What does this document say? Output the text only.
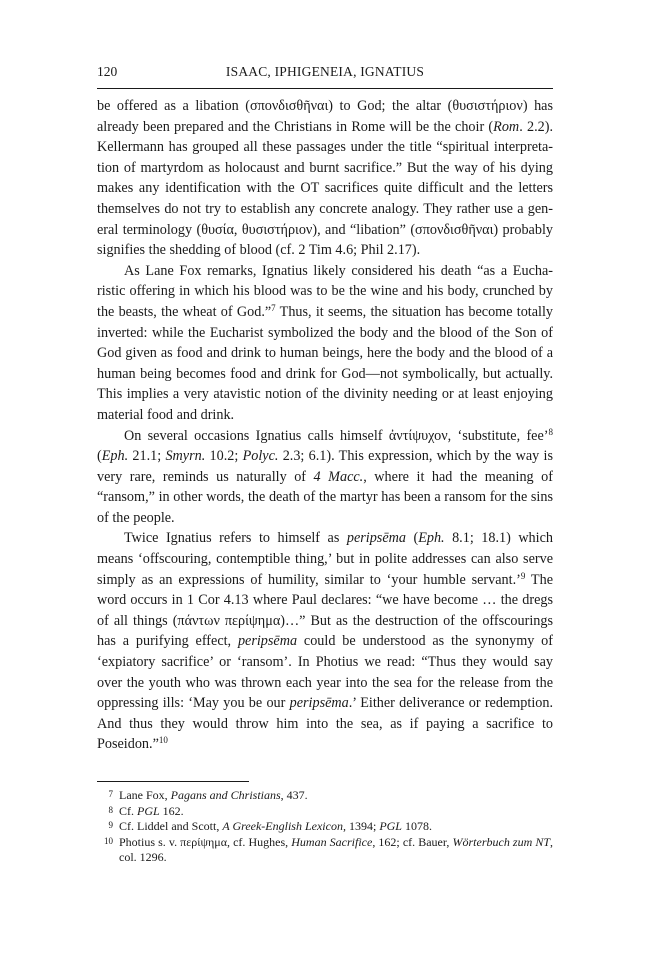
120	ISAAC, IPHIGENEIA, IGNATIUS

be offered as a libation (σπονδισθῆναι) to God; the altar (θυσιστήριον) has already been prepared and the Christians in Rome will be the choir (Rom. 2.2). Kellermann has grouped all these passages under the title “spiritual interpretation of martyrdom as holocaust and burnt sacrifice.” But the way of his dying makes any identification with the OT sacrifices quite difficult and the letters themselves do not try to establish any concrete analogy. They rather use a general terminology (θυσία, θυσιστήριον), and “libation” (σπονδισθῆναι) probably signifies the shedding of blood (cf. 2 Tim 4.6; Phil 2.17).

As Lane Fox remarks, Ignatius likely considered his death “as a Eucharistic offering in which his blood was to be the wine and his body, crunched by the beasts, the wheat of God.”$^7$ Thus, it seems, the situation has become totally inverted: while the Eucharist symbolized the body and the blood of the Son of God given as food and drink to human beings, here the body and the blood of a human being becomes food and drink for God—not symbolically, but actually. This implies a very atavistic notion of the divinity needing or at least enjoying material food and drink.

On several occasions Ignatius calls himself ἀντίψυχον, ‘substitute, fee’$^8$ (Eph. 21.1; Smyrn. 10.2; Polyc. 2.3; 6.1). This expression, which by the way is very rare, reminds us naturally of 4 Macc., where it had the meaning of “ransom,” in other words, the death of the martyr has been a ransom for the sins of the people.

Twice Ignatius refers to himself as peripsēma (Eph. 8.1; 18.1) which means ‘offscouring, contemptible thing,’ but in polite addresses can also serve simply as an expressions of humility, similar to ‘your humble servant.’$^9$ The word occurs in 1 Cor 4.13 where Paul declares: “we have become … the dregs of all things (πάντων περίψημα)…” But as the destruction of the offscourings has a purifying effect, peripsēma could be understood as the synonymy of ‘expiatory sacrifice’ or ‘ransom’. In Photius we read: “Thus they would say over the youth who was thrown each year into the sea for the release from the oppressing ills: ‘May you be our peripsēma.’ Either deliverance or redemption. And thus they would throw him into the sea, as if paying a sacrifice to Poseidon.”$^{10}$

7 Lane Fox, Pagans and Christians, 437.
8 Cf. PGL 162.
9 Cf. Liddel and Scott, A Greek-English Lexicon, 1394; PGL 1078.
10 Photius s. v. περίψημα, cf. Hughes, Human Sacrifice, 162; cf. Bauer, Wörterbuch zum NT, col. 1296.
